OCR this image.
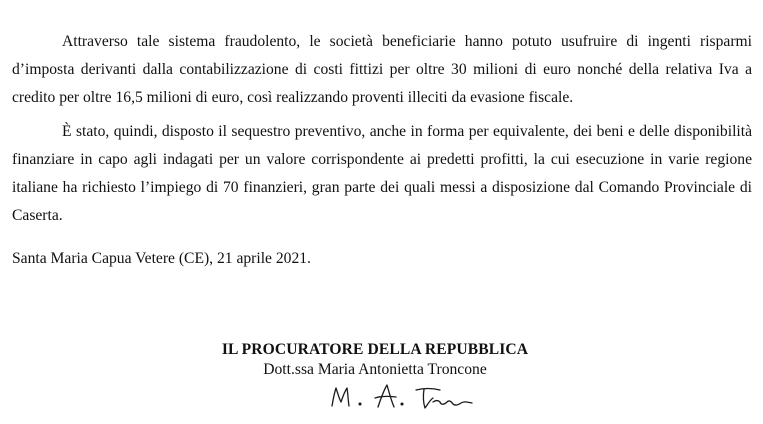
Attraverso tale sistema fraudolento, le società beneficiarie hanno potuto usufruire di ingenti risparmi d’imposta derivanti dalla contabilizzazione di costi fittizi per oltre 30 milioni di euro nonché della relativa Iva a credito per oltre 16,5 milioni di euro, così realizzando proventi illeciti da evasione fiscale.

È stato, quindi, disposto il sequestro preventivo, anche in forma per equivalente, dei beni e delle disponibilità finanziare in capo agli indagati per un valore corrispondente ai predetti profitti, la cui esecuzione in varie regione italiane ha richiesto l’impiego di 70 finanzieri, gran parte dei quali messi a disposizione dal Comando Provinciale di Caserta.

Santa Maria Capua Vetere (CE), 21 aprile 2021.

IL PROCURATORE DELLA REPUBBLICA
Dott.ssa Maria Antonietta Troncone
